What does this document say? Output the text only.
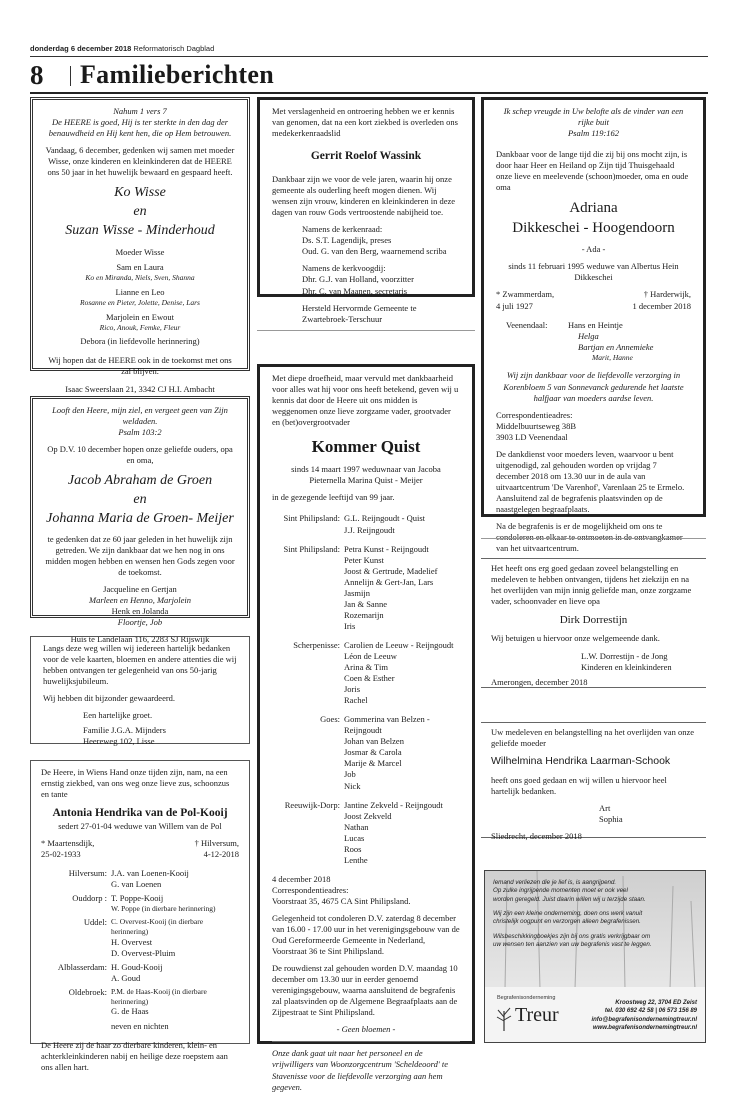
donderdag 6 december 2018 Reformatorisch Dagblad
8 Familieberichten
Nahum 1 vers 7

De HEERE is goed, Hij is ter sterkte in den dag der benauwdheid en Hij kent hen, die op Hem betrouwen.

Vandaag, 6 december, gedenken wij samen met moeder Wisse, onze kinderen en kleinkinderen dat de HEERE ons 50 jaar in het huwelijk bewaard en gespaard heeft.

Ko Wisse
en
Suzan Wisse - Minderhoud
Moeder Wisse
Sam en Laura
Ko en Miranda, Niels, Sven, Shanna
Lianne en Leo
Rosanne en Pieter, Jolette, Denise, Lars
Marjolein en Ewout
Rico, Anouk, Femke, Fleur
Debora (in liefdevolle herinnering)

Wij hopen dat de HEERE ook in de toekomst met ons zal blijven.

Isaac Sweerslaan 21, 3342 CJ H.I. Ambacht
Looft den Heere, mijn ziel, en vergeet geen van Zijn weldaden.

Psalm 103:2

Op D.V. 10 december hopen onze geliefde ouders, opa en oma,

Jacob Abraham de Groen
en
Johanna Maria de Groen- Meijer

te gedenken dat ze 60 jaar geleden in het huwelijk zijn getreden. We zijn dankbaar dat we hen nog in ons midden mogen hebben en wensen hen Gods zegen voor de toekomst.

Jacqueline en Gertjan
Marleen en Henno, Marjolein
Henk en Jolanda
Floortje, Job
Huis te Landelaan 116, 2283 SJ Rijswijk

Langs deze weg willen wij iedereen hartelijk bedanken voor de vele kaarten, bloemen en andere attenties die wij hebben ontvangen ter gelegenheid van ons 50-jarig huwelijksjubileum.

Wij hebben dit bijzonder gewaardeerd.

Een hartelijke groet.
Familie J.G.A. Mijnders
Heereweg 102, Lisse

De Heere, in Wiens Hand onze tijden zijn, nam, na een ernstig ziekbed, van ons weg onze lieve zus, schoonzus en tante

Antonia Hendrika van de Pol-Kooij

sedert 27-01-04 weduwe van Willem van de Pol

* Maartensdijk,
25-02-1933
† Hilversum,
4-12-2018
Hilversum: J.A. van Loenen-Kooij
G. van Loenen
Ouddorp : T. Poppe-Kooij
W. Poppe (in dierbare herinnering)
Uddel: C. Overvest-Kooij (in dierbare herinnering)
H. Overvest
D. Overvest-Pluim
Alblasserdam: H. Goud-Kooij
A. Goud
Oldebroek: P.M. de Haas-Kooij (in dierbare herinnering)
G. de Haas
neven en nichten
De Heere zij de haar zo dierbare kinderen, klein- en achterkleinkinderen nabij en heilige deze roepstem aan ons allen hart.

Met verslagenheid en ontroering hebben we er kennis van genomen, dat na een kort ziekbed is overleden ons medekerkenraadslid

Gerrit Roelof Wassink

Dankbaar zijn we voor de vele jaren, waarin hij onze gemeente als ouderling heeft mogen dienen. Wij wensen zijn vrouw, kinderen en kleinkinderen in deze dagen van rouw Gods vertroostende nabijheid toe.

Namens de kerkenraad:
Ds. S.T. Lagendijk, preses
Oud. G. van den Berg, waarnemend scriba
Namens de kerkvoogdij:
Dhr. G.J. van Holland, voorzitter
Dhr. C. van Maanen, secretaris
Hersteld Hervormde Gemeente te Zwartebroek-Terschuur

Met diepe droefheid, maar vervuld met dankbaarheid voor alles wat hij voor ons heeft betekend, geven wij u kennis dat door de Heere uit ons midden is weggenomen onze lieve zorgzame vader, grootvader en (bet)overgrootvader

Kommer Quist

sinds 14 maart 1997 weduwnaar van Jacoba Pieternella Marina Quist - Meijer

in de gezegende leeftijd van 99 jaar.

Sint Philipsland: G.L. Reijngoudt - Quist
J.J. Reijngoudt
Sint Philipsland: Petra Kunst - Reijngoudt
Peter Kunst
Joost & Gertrude, Madelief
Annelijn & Gert-Jan, Lars
Jasmijn
Jan & Sanne
Rozemarijn
Iris
Scherpenisse: Carolien de Leeuw - Reijngoudt
Léon de Leeuw
Arina & Tim
Coen & Esther
Joris
Rachel
Goes: Gommerina van Belzen - Reijngoudt
Johan van Belzen
Josmar & Carola
Marije & Marcel
Job
Nick
Reeuwijk-Dorp: Jantine Zekveld - Reijngoudt
Joost Zekveld
Nathan
Lucas
Roos
Lenthe
4 december 2018
Correspondentieadres:

Voorstraat 35, 4675 CA Sint Philipsland.

Gelegenheid tot condoleren D.V. zaterdag 8 december van 16.00 - 17.00 uur in het verenigingsgebouw van de Oud Gereformeerde Gemeente in Nederland, Voorstraat 36 te Sint Philipsland.

De rouwdienst zal gehouden worden D.V. maandag 10 december om 13.30 uur in eerder genoemd verenigingsgebouw, waarna aansluitend de begrafenis zal plaatsvinden op de Algemene Begraafplaats aan de Zijpestraat te Sint Philipsland.

- Geen bloemen -

Onze dank gaat uit naar het personeel en de vrijwilligers van Woonzorgcentrum 'Scheldeoord' te Stavenisse voor de liefdevolle verzorging aan hem gegeven.
Ik schep vreugde in Uw belofte als de vinder van een rijke buit

Psalm 119:162

Dankbaar voor de lange tijd die zij bij ons mocht zijn, is door haar Heer en Heiland op Zijn tijd Thuisgehaald onze lieve en meelevende (schoon)moeder, oma en oude oma

Adriana
Dikkeschei - Hoogendoorn

- Ada -

sinds 11 februari 1995 weduwe van Albertus Hein Dikkeschei

* Zwammerdam,
4 juli 1927
† Harderwijk,
1 december 2018
Veenendaal:	Hans en Heintje
Helga
Bartjan en Annemieke
Marit, Hanne

Wij zijn dankbaar voor de liefdevolle verzorging in Korenbloem 5 van Sonnevanck gedurende het laatste halfjaar van moeders aardse leven.

Correspondentieadres:
Middelbuurtseweg 38B

3903 LD Veenendaal

De dankdienst voor moeders leven, waarvoor u bent uitgenodigd, zal gehouden worden op vrijdag 7 december 2018 om 13.30 uur in de aula van uitvaartcentrum 'De Varenhof', Varenlaan 25 te Ermelo. Aansluitend zal de begrafenis plaatsvinden op de naastgelegen begraafplaats.

Na de begrafenis is er de mogelijkheid om ons te condoleren en elkaar te ontmoeten in de ontvangkamer van het uitvaartcentrum.

Het heeft ons erg goed gedaan zoveel belangstelling en medeleven te hebben ontvangen, tijdens het ziekzijn en na het overlijden van mijn innig geliefde man, onze zorgzame vader, schoonvader en lieve opa

Dirk Dorrestijn

Wij betuigen u hiervoor onze welgemeende dank.

L.W. Dorrestijn - de Jong
Kinderen en kleinkinderen
Amerongen, december 2018

Uw medeleven en belangstelling na het overlijden van onze geliefde moeder

Wilhelmina Hendrika Laarman-Schook

heeft ons goed gedaan en wij willen u hiervoor heel hartelijk bedanken.

Art
Sophia
Sliedrecht, december 2018
Iemand verliezen die je lief is, is aangrijpend.
Op zulke ingrijpende momenten moet er ook veel
worden geregeld. Juist daarin willen wij u terzijde staan.
Wij zijn een kleine onderneming, doen ons werk vanuit
christelijk oogpunt en verzorgen alleen begrafenissen.
Wilsbeschikkingboekjes zijn bij ons gratis verkrijgbaar om
uw wensen ten aanzien van uw begrafenis vast te leggen.
Begrafenisonderneming
Treur
Kroostweg 22, 3704 ED Zeist
tel. 030 692 42 58 | 06 573 156 89
info@begrafenisondernemingtreur.nl
www.begrafenisondernemingtreur.nl
